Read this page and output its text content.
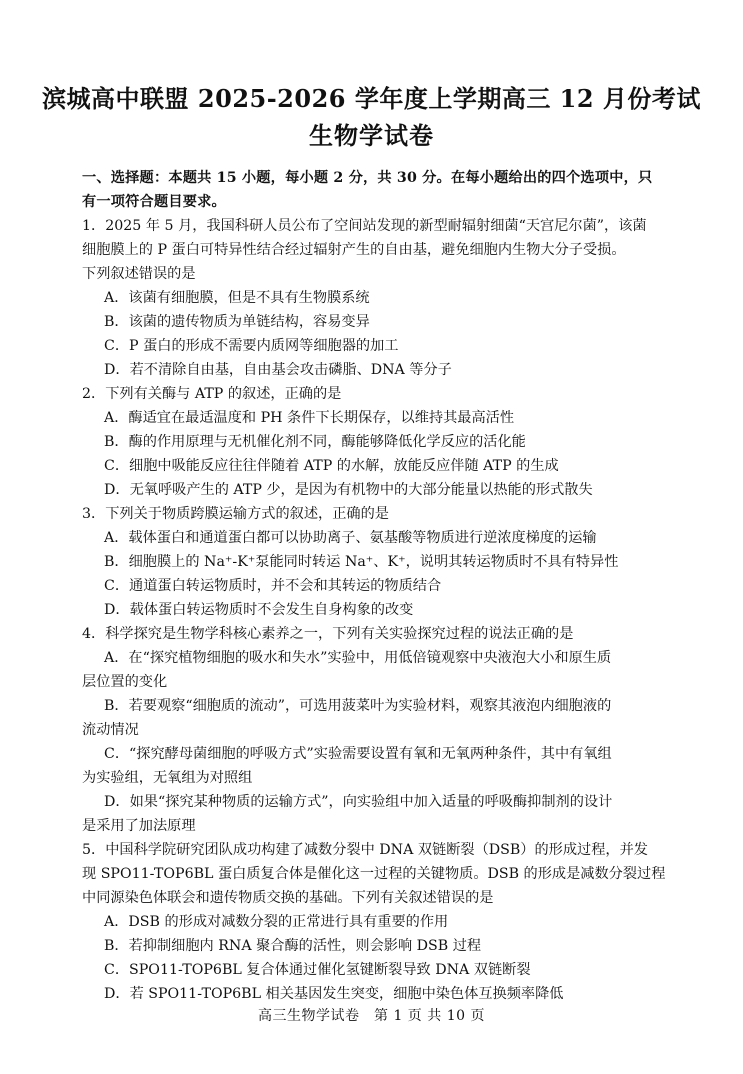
滨城高中联盟 2025-2026 学年度上学期高三 12 月份考试
生物学试卷

一、选择题：本题共 15 小题，每小题 2 分，共 30 分。在每小题给出的四个选项中，只

有一项符合题目要求。

1．2025 年 5 月，我国科研人员公布了空间站发现的新型耐辐射细菌“天宫尼尔菌”，该菌

细胞膜上的 P 蛋白可特异性结合经过辐射产生的自由基，避免细胞内生物大分子受损。

下列叙述错误的是

A．该菌有细胞膜，但是不具有生物膜系统

B．该菌的遗传物质为单链结构，容易变异

C．P 蛋白的形成不需要内质网等细胞器的加工

D．若不清除自由基，自由基会攻击磷脂、DNA 等分子

2．下列有关酶与 ATP 的叙述，正确的是

A．酶适宜在最适温度和 PH 条件下长期保存，以维持其最高活性

B．酶的作用原理与无机催化剂不同，酶能够降低化学反应的活化能

C．细胞中吸能反应往往伴随着 ATP 的水解，放能反应伴随 ATP 的生成

D．无氧呼吸产生的 ATP 少，是因为有机物中的大部分能量以热能的形式散失

3．下列关于物质跨膜运输方式的叙述，正确的是

A．载体蛋白和通道蛋白都可以协助离子、氨基酸等物质进行逆浓度梯度的运输

B．细胞膜上的 Na⁺-K⁺泵能同时转运 Na⁺、K⁺，说明其转运物质时不具有特异性

C．通道蛋白转运物质时，并不会和其转运的物质结合

D．载体蛋白转运物质时不会发生自身构象的改变

4．科学探究是生物学科核心素养之一，下列有关实验探究过程的说法正确的是

A．在“探究植物细胞的吸水和失水”实验中，用低倍镜观察中央液泡大小和原生质

层位置的变化

B．若要观察“细胞质的流动”，可选用菠菜叶为实验材料，观察其液泡内细胞液的

流动情况

C．“探究酵母菌细胞的呼吸方式”实验需要设置有氧和无氧两种条件，其中有氧组

为实验组，无氧组为对照组

D．如果“探究某种物质的运输方式”，向实验组中加入适量的呼吸酶抑制剂的设计

是采用了加法原理

5．中国科学院研究团队成功构建了减数分裂中 DNA 双链断裂（DSB）的形成过程，并发

现 SPO11-TOP6BL 蛋白质复合体是催化这一过程的关键物质。DSB 的形成是减数分裂过程

中同源染色体联会和遗传物质交换的基础。下列有关叙述错误的是

A．DSB 的形成对减数分裂的正常进行具有重要的作用

B．若抑制细胞内 RNA 聚合酶的活性，则会影响 DSB 过程

C．SPO11-TOP6BL 复合体通过催化氢键断裂导致 DNA 双链断裂

D．若 SPO11-TOP6BL 相关基因发生突变，细胞中染色体互换频率降低

高三生物学试卷　第 1 页 共 10 页
